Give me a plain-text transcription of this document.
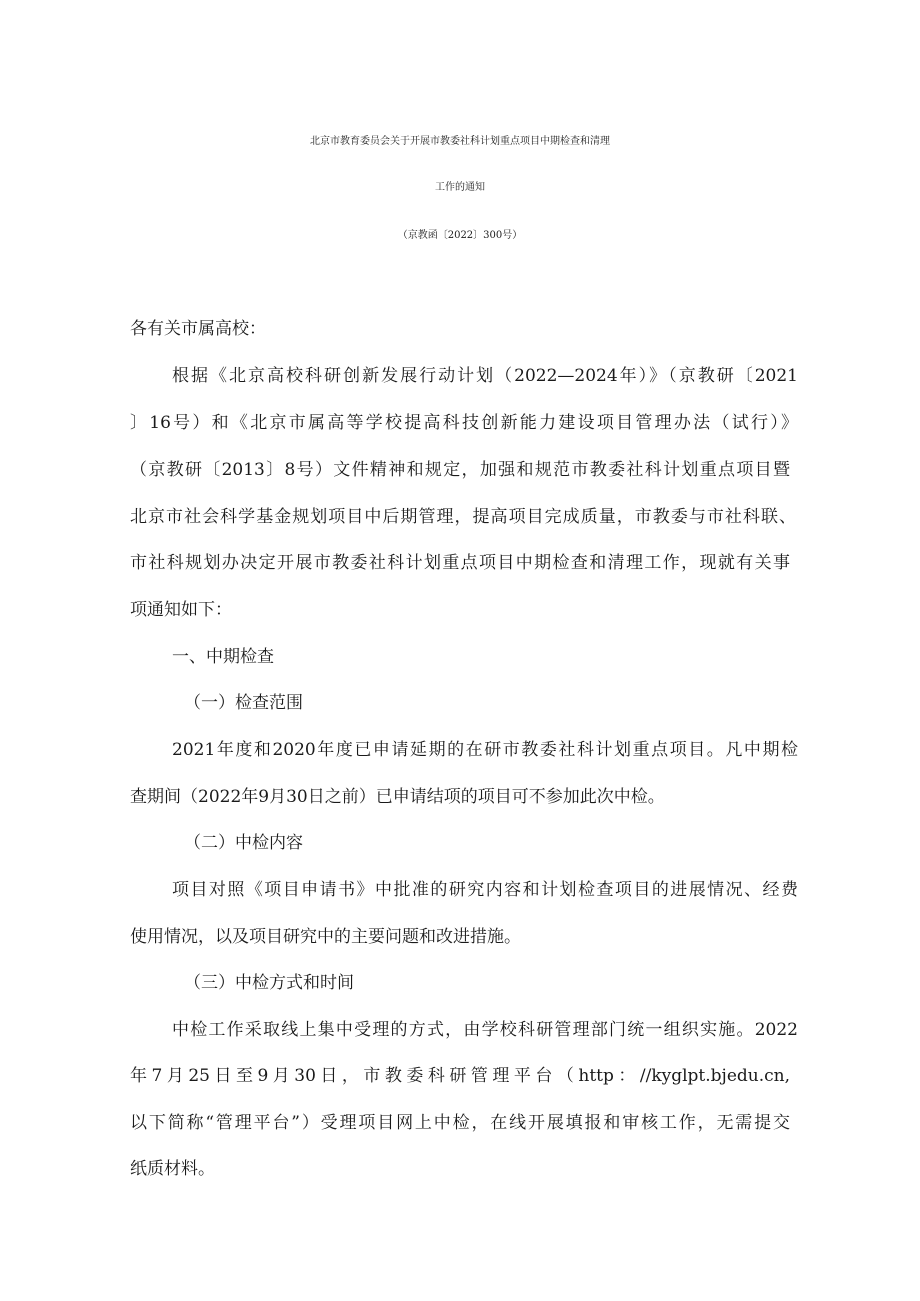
北京市教育委员会关于开展市教委社科计划重点项目中期检查和清理

工作的通知

（京教函〔2022〕300号）

各有关市属高校：

根据《北京高校科研创新发展行动计划（2022—2024年）》（京教研〔2021

〕16号）和《北京市属高等学校提高科技创新能力建设项目管理办法（试行）》

（京教研〔2013〕8号）文件精神和规定，加强和规范市教委社科计划重点项目暨

北京市社会科学基金规划项目中后期管理，提高项目完成质量，市教委与市社科联、

市社科规划办决定开展市教委社科计划重点项目中期检查和清理工作，现就有关事

项通知如下：

一、中期检查

（一）检查范围

2021年度和2020年度已申请延期的在研市教委社科计划重点项目。凡中期检

查期间（2022年9月30日之前）已申请结项的项目可不参加此次中检。

（二）中检内容

项目对照《项目申请书》中批准的研究内容和计划检查项目的进展情况、经费

使用情况，以及项目研究中的主要问题和改进措施。

（三）中检方式和时间

中检工作采取线上集中受理的方式，由学校科研管理部门统一组织实施。2022

年7月25日至9月30日，市教委科研管理平台（http：//kyglpt.bjedu.cn,

以下简称“管理平台”）受理项目网上中检，在线开展填报和审核工作，无需提交

纸质材料。
